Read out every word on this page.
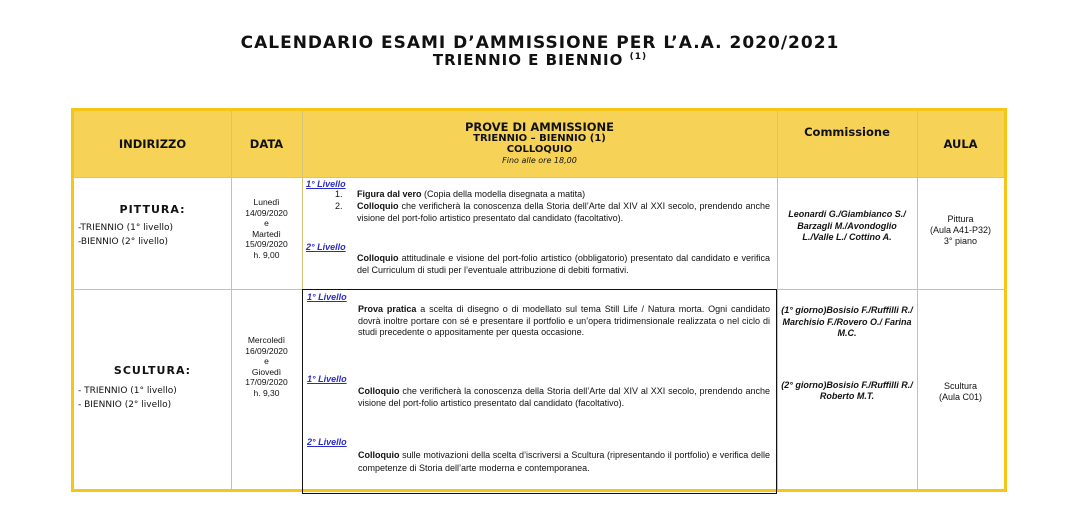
CALENDARIO ESAMI D’AMMISSIONE PER L’A.A. 2020/2021
TRIENNIO E BIENNIO $^{(1)}$
INDIRIZZO	DATA
PROVE DI AMMISSIONE
TRIENNIO – BIENNIO (1)
COLLOQUIO
Fino alle ore 18,00
Commissione
AULA
PITTURA:
-TRIENNIO (1° livello)
-BIENNIO (2° livello)
Lunedì
14/09/2020
e
Martedì
15/09/2020
h. 9,00
1° Livello
1. Figura dal vero (Copia della modella disegnata a matita)
2.	Colloquio che verificherà la conoscenza della Storia dell’Arte dal XIV al XXI secolo, prendendo anche visione del port-folio artistico presentato dal candidato (facoltativo).
2° Livello
Colloquio attitudinale e visione del port-folio artistico (obbligatorio) presentato dal candidato e verifica del Curriculum di studi per l’eventuale attribuzione di debiti formativi.
Leonardi G./Giambianco S./ Barzagli M./Avondoglio L./Valle L./ Cottino A.
Pittura
(Aula A41-P32)
3° piano
SCULTURA:
- TRIENNIO (1° livello)
- BIENNIO (2° livello)
Mercoledì
16/09/2020
e
Giovedì
17/09/2020
h. 9,30
1° Livello
Prova pratica a scelta di disegno o di modellato sul tema Still Life / Natura morta. Ogni candidato dovrà inoltre portare con sé e presentare il portfolio e un’opera tridimensionale realizzata o nel ciclo di studi precedente o appositamente per questa occasione.
1° Livello
Colloquio che verificherà la conoscenza della Storia dell’Arte dal XIV al XXI secolo, prendendo anche visione del port-folio artistico presentato dal candidato (facoltativo).
2° Livello
Colloquio sulle motivazioni della scelta d’iscriversi a Scultura (ripresentando il portfolio) e verifica delle competenze di Storia dell’arte moderna e contemporanea.
(1° giorno)Bosisio F./Ruffilli R./ Marchisio F./Rovero O./ Farina M.C.
(2° giorno)Bosisio F./Ruffilli R./ Roberto M.T.
Scultura
(Aula C01)
